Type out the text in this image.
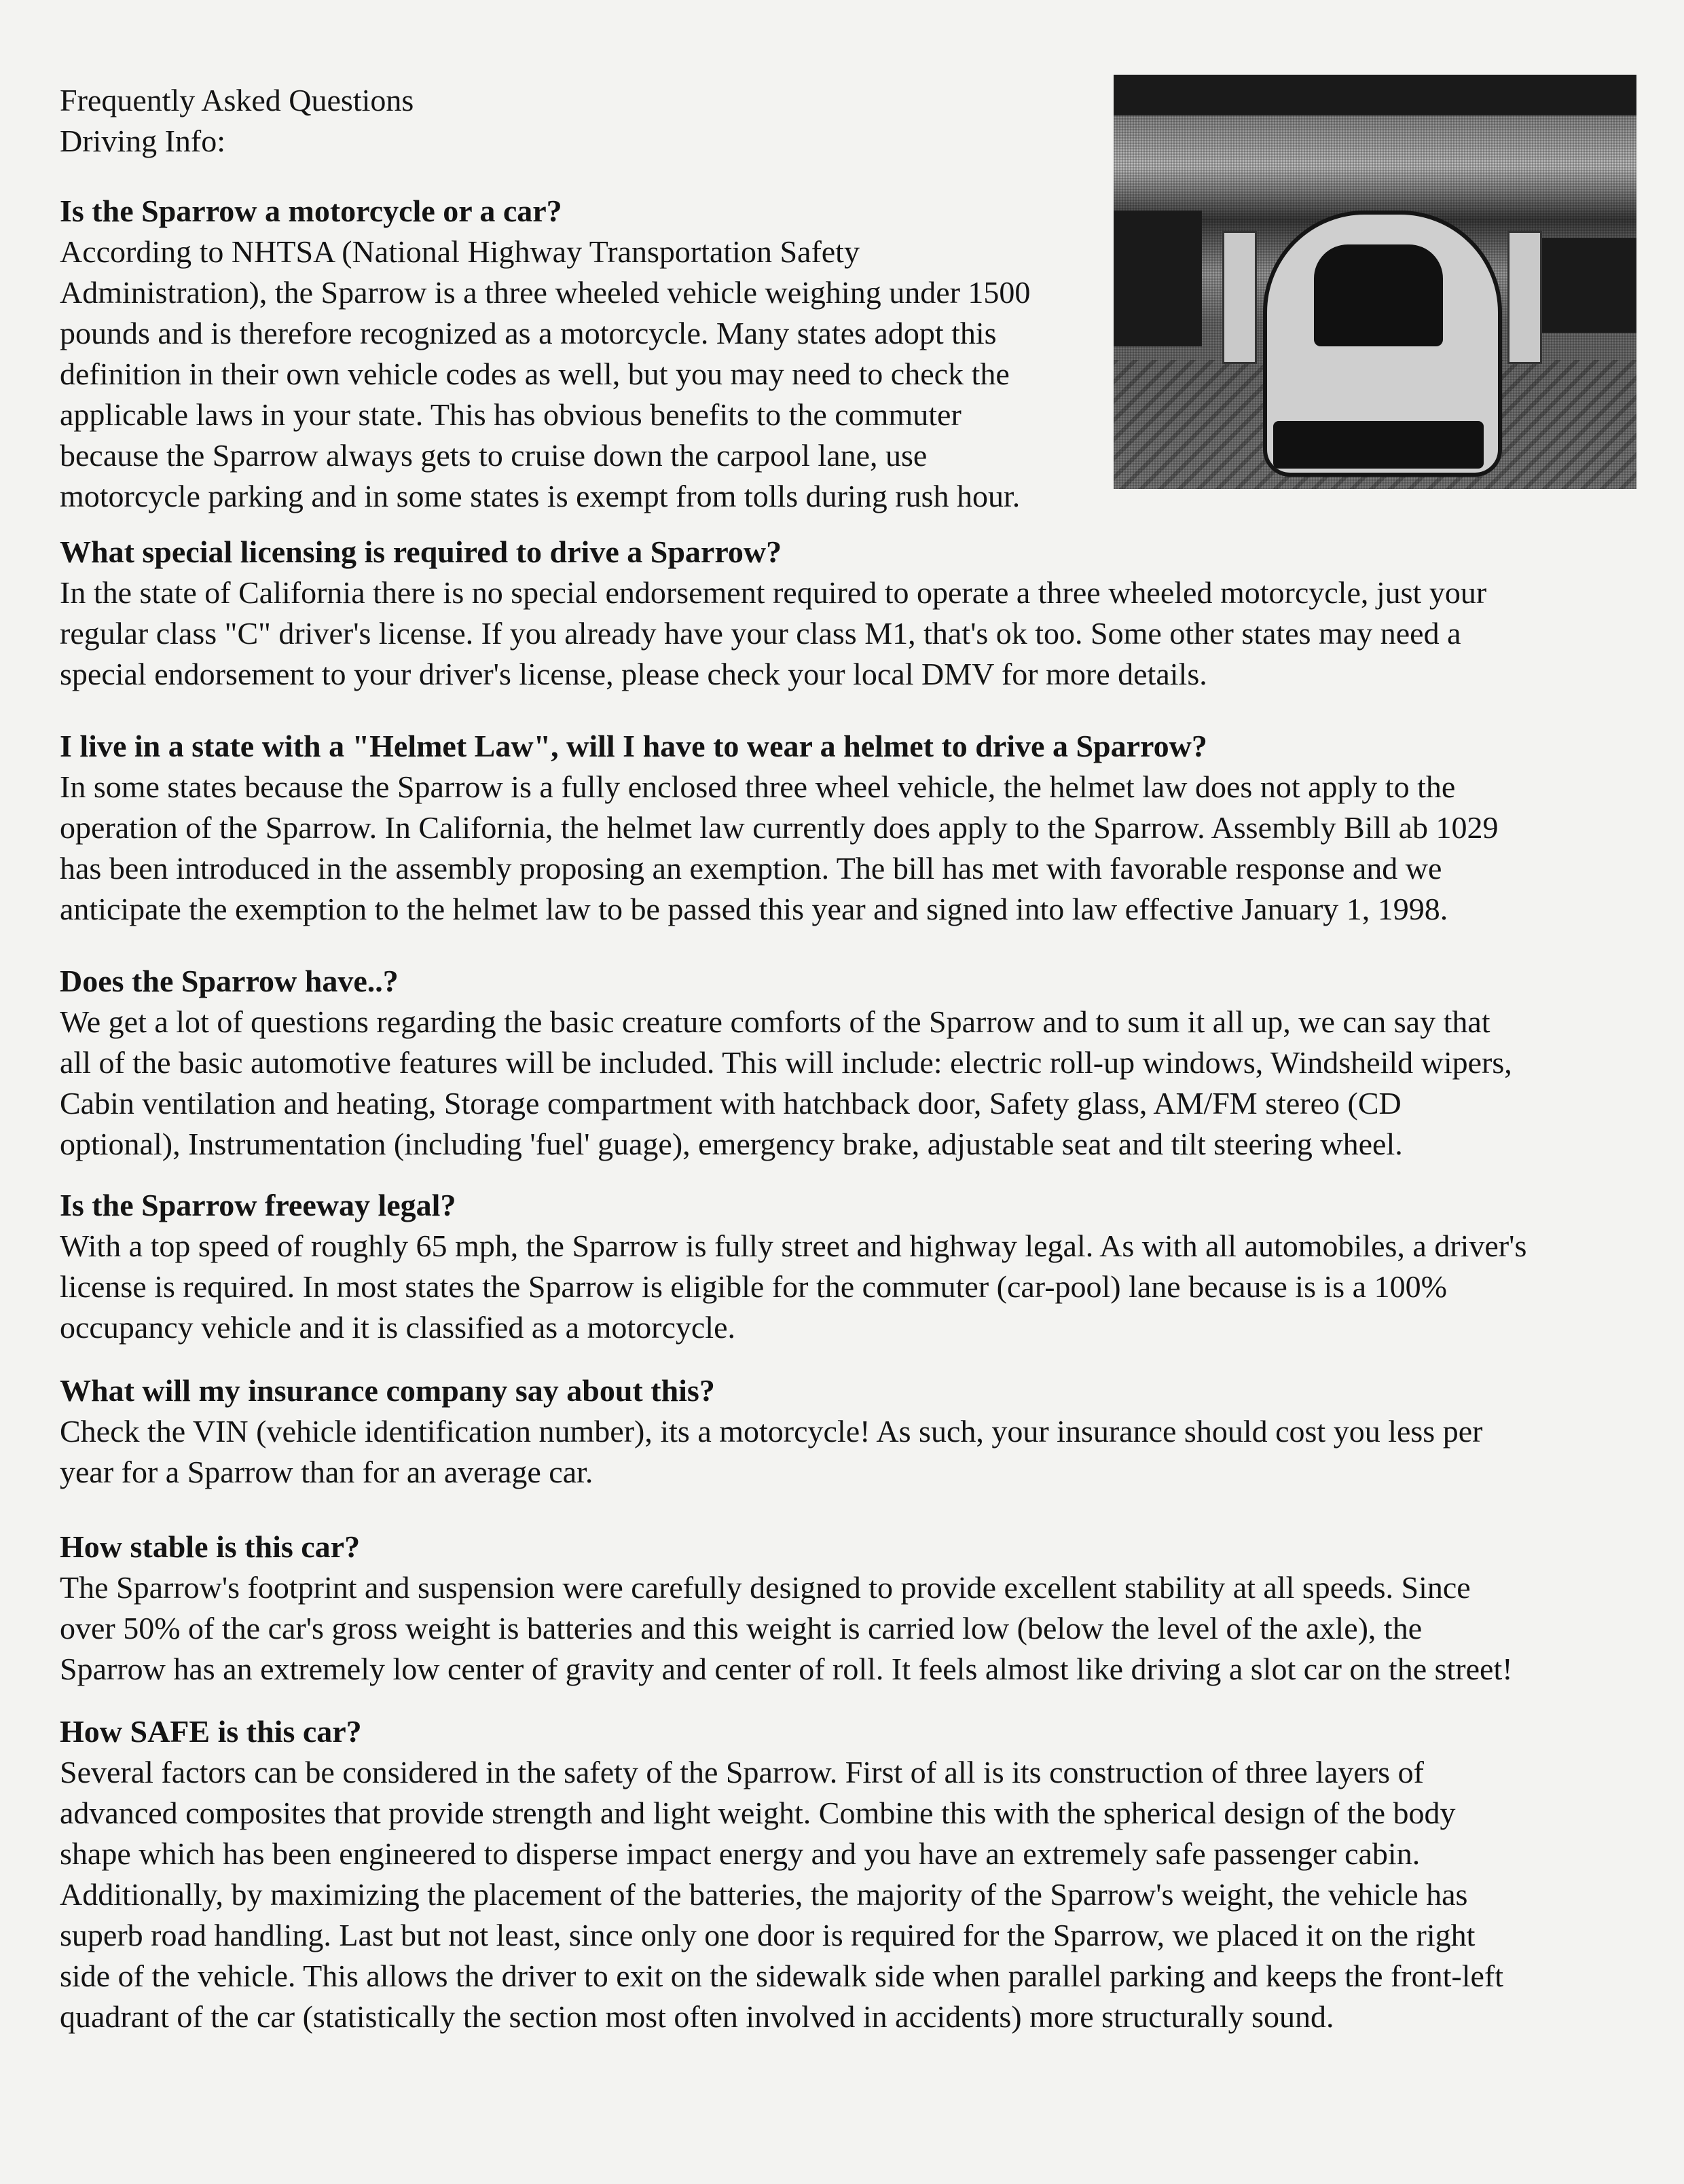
Frequently Asked Questions
Driving Info:
Is the Sparrow a motorcycle or a car?
According to NHTSA (National Highway Transportation Safety
Administration), the Sparrow is a three wheeled vehicle weighing under 1500
pounds and is therefore recognized as a motorcycle. Many states adopt this
definition in their own vehicle codes as well, but you may need to check the
applicable laws in your state. This has obvious benefits to the commuter
because the Sparrow always gets to cruise down the carpool lane, use
motorcycle parking and in some states is exempt from tolls during rush hour.
What special licensing is required to drive a Sparrow?
In the state of California there is no special endorsement required to operate a three wheeled motorcycle, just your
regular class "C" driver's license. If you already have your class M1, that's ok too. Some other states may need a
special endorsement to your driver's license, please check your local DMV for more details.
I live in a state with a "Helmet Law", will I have to wear a helmet to drive a Sparrow?
In some states because the Sparrow is a fully enclosed three wheel vehicle, the helmet law does not apply to the
operation of the Sparrow. In California, the helmet law currently does apply to the Sparrow. Assembly Bill ab 1029
has been introduced in the assembly proposing an exemption. The bill has met with favorable response and we
anticipate the exemption to the helmet law to be passed this year and signed into law effective January 1, 1998.
Does the Sparrow have..?
We get a lot of questions regarding the basic creature comforts of the Sparrow and to sum it all up, we can say that
all of the basic automotive features will be included. This will include: electric roll-up windows, Windsheild wipers,
Cabin ventilation and heating, Storage compartment with hatchback door, Safety glass, AM/FM stereo (CD
optional), Instrumentation (including 'fuel' guage), emergency brake, adjustable seat and tilt steering wheel.
Is the Sparrow freeway legal?
With a top speed of roughly 65 mph, the Sparrow is fully street and highway legal. As with all automobiles, a driver's
license is required. In most states the Sparrow is eligible for the commuter (car-pool) lane because is is a 100%
occupancy vehicle and it is classified as a motorcycle.
What will my insurance company say about this?
Check the VIN (vehicle identification number), its a motorcycle! As such, your insurance should cost you less per
year for a Sparrow than for an average car.
How stable is this car?
The Sparrow's footprint and suspension were carefully designed to provide excellent stability at all speeds. Since
over 50% of the car's gross weight is batteries and this weight is carried low (below the level of the axle), the
Sparrow has an extremely low center of gravity and center of roll. It feels almost like driving a slot car on the street!
How SAFE is this car?
Several factors can be considered in the safety of the Sparrow. First of all is its construction of three layers of
advanced composites that provide strength and light weight. Combine this with the spherical design of the body
shape which has been engineered to disperse impact energy and you have an extremely safe passenger cabin.
Additionally, by maximizing the placement of the batteries, the majority of the Sparrow's weight, the vehicle has
superb road handling. Last but not least, since only one door is required for the Sparrow, we placed it on the right
side of the vehicle. This allows the driver to exit on the sidewalk side when parallel parking and keeps the front-left
quadrant of the car (statistically the section most often involved in accidents) more structurally sound.
